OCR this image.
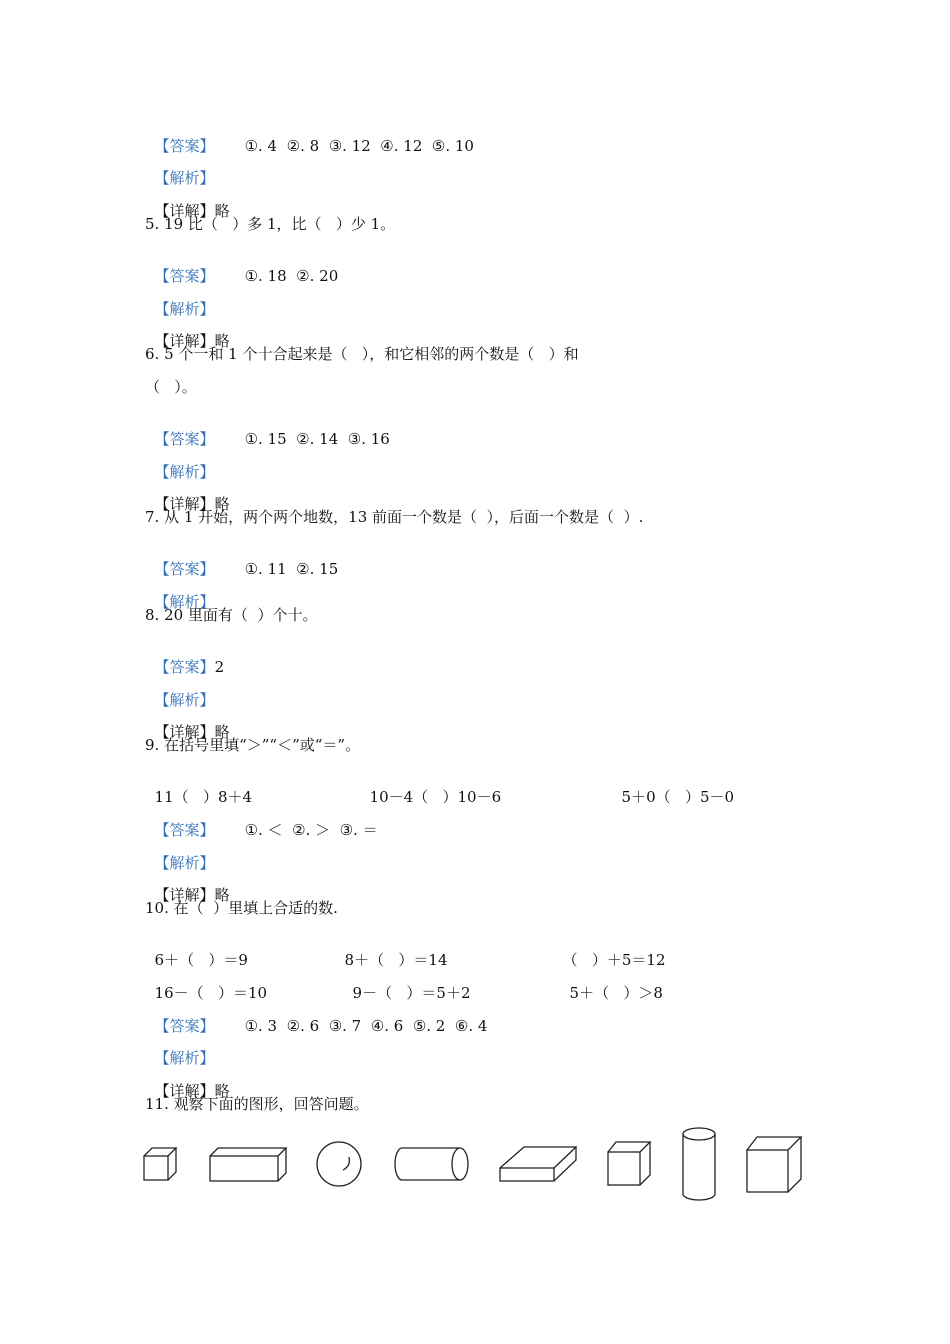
【答案】 ①. 4  ②. 8  ③. 12  ④. 12  ⑤. 10

【解析】

【详解】略

5. 19 比（   ）多 1，比（   ）少 1。

【答案】 ①. 18  ②. 20

【解析】

【详解】略

6. 5 个一和 1 个十合起来是（   ），和它相邻的两个数是（   ）和
（   ）。

【答案】 ①. 15  ②. 14  ③. 16

【解析】

【详解】略

7. 从 1 开始，两个两个地数，13 前面一个数是（  ），后面一个数是（  ）.

【答案】 ①. 11  ②. 15

【解析】

8. 20 里面有（  ）个十。

【答案】2

【解析】

【详解】略

9. 在括号里填“＞”“＜”或“＝”。

11（   ）8＋4	10－4（   ）10－6	5＋0（   ）5－0

【答案】 ①. ＜  ②. ＞  ③. ＝

【解析】

【详解】略

10. 在（  ）里填上合适的数.

6＋（   ）＝9	8＋（   ）＝14	（   ）＋5＝12

16－（   ）＝10	9－（   ）＝5＋2	5＋（   ）＞8

【答案】 ①. 3  ②. 6  ③. 7  ④. 6  ⑤. 2  ⑥. 4

【解析】

【详解】略

11. 观察下面的图形，回答问题。
